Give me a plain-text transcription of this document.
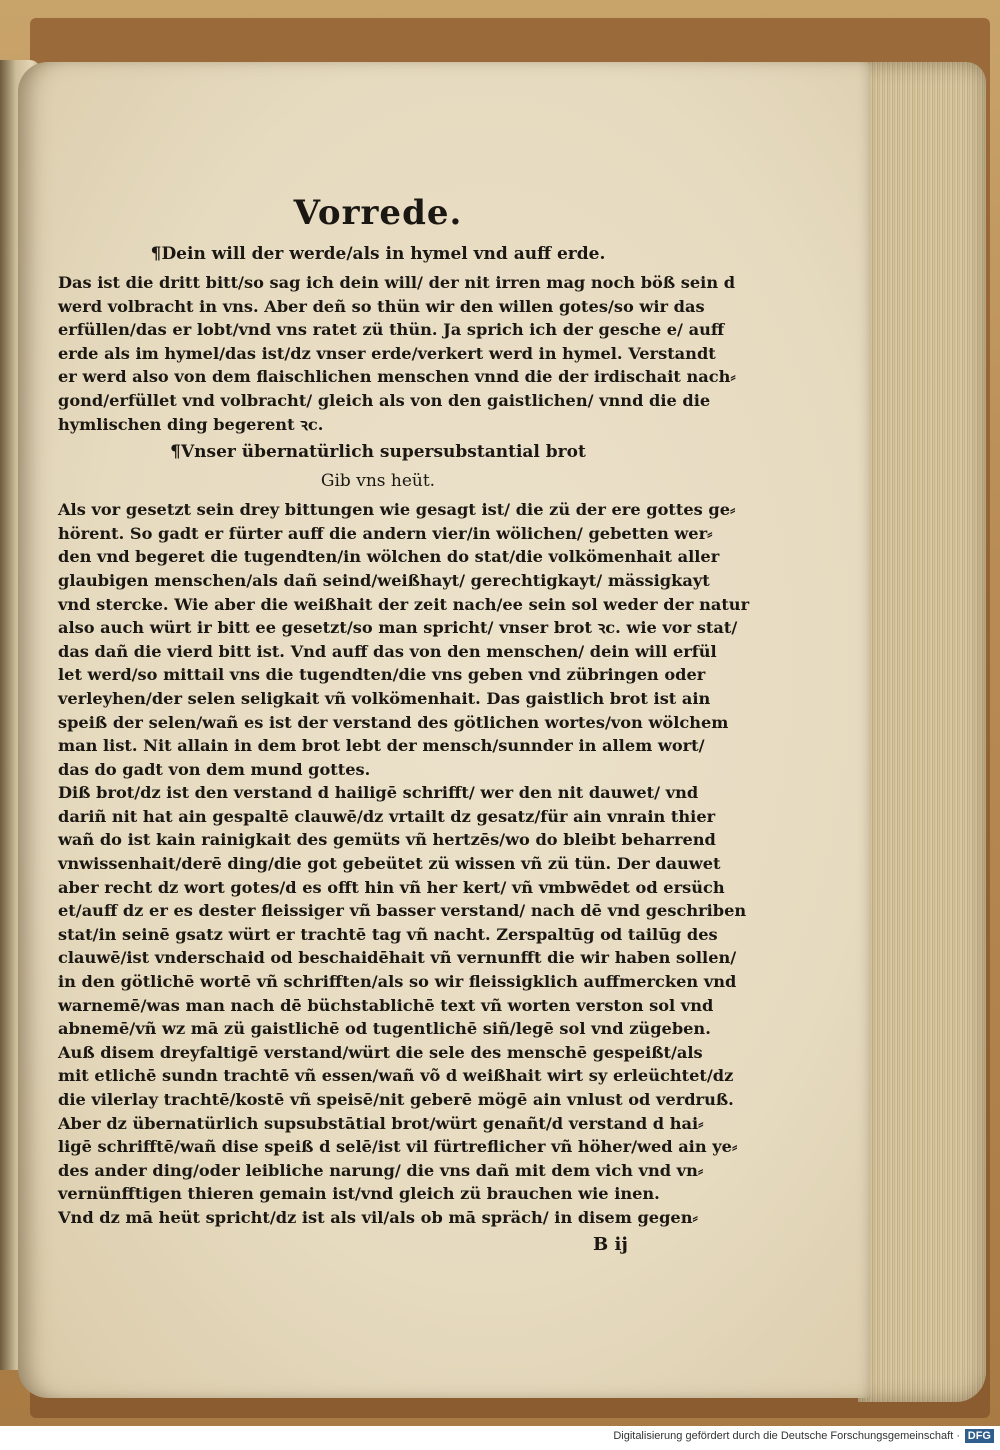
Vorrede.
¶Dein will der werde/als in hymel vnd auff erde.
Das ist die dritt bitt/so sag ich dein will/ der nit irren mag noch böß sein d
werd volbracht in vns. Aber deñ so thün wir den willen gotes/so wir das
erfüllen/das er lobt/vnd vns ratet zü thün. Ja sprich ich der gesche e/ auff
erde als im hymel/das ist/dz vnser erde/verkert werd in hymel. Verstandt
er werd also von dem flaischlichen menschen vnnd die der irdischait nach⸗
gond/erfüllet vnd volbracht/ gleich als von den gaistlichen/ vnnd die die
hymlischen ding begerent ꝛc.
¶Vnser übernatürlich supersubstantial brot
Gib vns heüt.
Als vor gesetzt sein drey bittungen wie gesagt ist/ die zü der ere gottes ge⸗
hörent. So gadt er fürter auff die andern vier/in wölichen/ gebetten wer⸗
den vnd begeret die tugendten/in wölchen do stat/die volkömenhait aller
glaubigen menschen/als dañ seind/weißhayt/ gerechtigkayt/ mässigkayt
vnd stercke. Wie aber die weißhait der zeit nach/ee sein sol weder der natur
also auch würt ir bitt ee gesetzt/so man spricht/ vnser brot ꝛc. wie vor stat/
das dañ die vierd bitt ist. Vnd auff das von den menschen/ dein will erfül
let werd/so mittail vns die tugendten/die vns geben vnd zübringen oder
verleyhen/der selen seligkait vñ volkömenhait. Das gaistlich brot ist ain
speiß der selen/wañ es ist der verstand des götlichen wortes/von wölchem
man list. Nit allain in dem brot lebt der mensch/sunnder in allem wort/
das do gadt von dem mund gottes.
Diß brot/dz ist den verstand d hailigē schrifft/ wer den nit dauwet/ vnd
dariñ nit hat ain gespaltē clauwē/dz vrtailt dz gesatz/für ain vnrain thier
wañ do ist kain rainigkait des gemüts vñ hertzēs/wo do bleibt beharrend
vnwissenhait/derē ding/die got gebeütet zü wissen vñ zü tün. Der dauwet
aber recht dz wort gotes/d es offt hin vñ her kert/ vñ vmbwēdet od ersüch
et/auff dz er es dester fleissiger vñ basser verstand/ nach dē vnd geschriben
stat/in seinē gsatz würt er trachtē tag vñ nacht. Zerspaltūg od tailūg des
clauwē/ist vnderschaid od beschaidēhait vñ vernunfft die wir haben sollen/
in den götlichē wortē vñ schrifften/als so wir fleissigklich auffmercken vnd
warnemē/was man nach dē büchstablichē text vñ worten verston sol vnd
abnemē/vñ wz mā zü gaistlichē od tugentlichē siñ/legē sol vnd zügeben.
Auß disem dreyfaltigē verstand/würt die sele des menschē gespeißt/als
mit etlichē sundn trachtē vñ essen/wañ võ d weißhait wirt sy erleüchtet/dz
die vilerlay trachtē/kostē vñ speisē/nit geberē mögē ain vnlust od verdruß.
Aber dz übernatürlich supsubstātial brot/würt genañt/d verstand d hai⸗
ligē schrifftē/wañ dise speiß d selē/ist vil fürtreflicher vñ höher/wed ain ye⸗
des ander ding/oder leibliche narung/ die vns dañ mit dem vich vnd vn⸗
vernünfftigen thieren gemain ist/vnd gleich zü brauchen wie inen.
Vnd dz mā heüt spricht/dz ist als vil/als ob mā spräch/ in disem gegen⸗
B ij
Digitalisierung gefördert durch die Deutsche Forschungsgemeinschaft · DFG
